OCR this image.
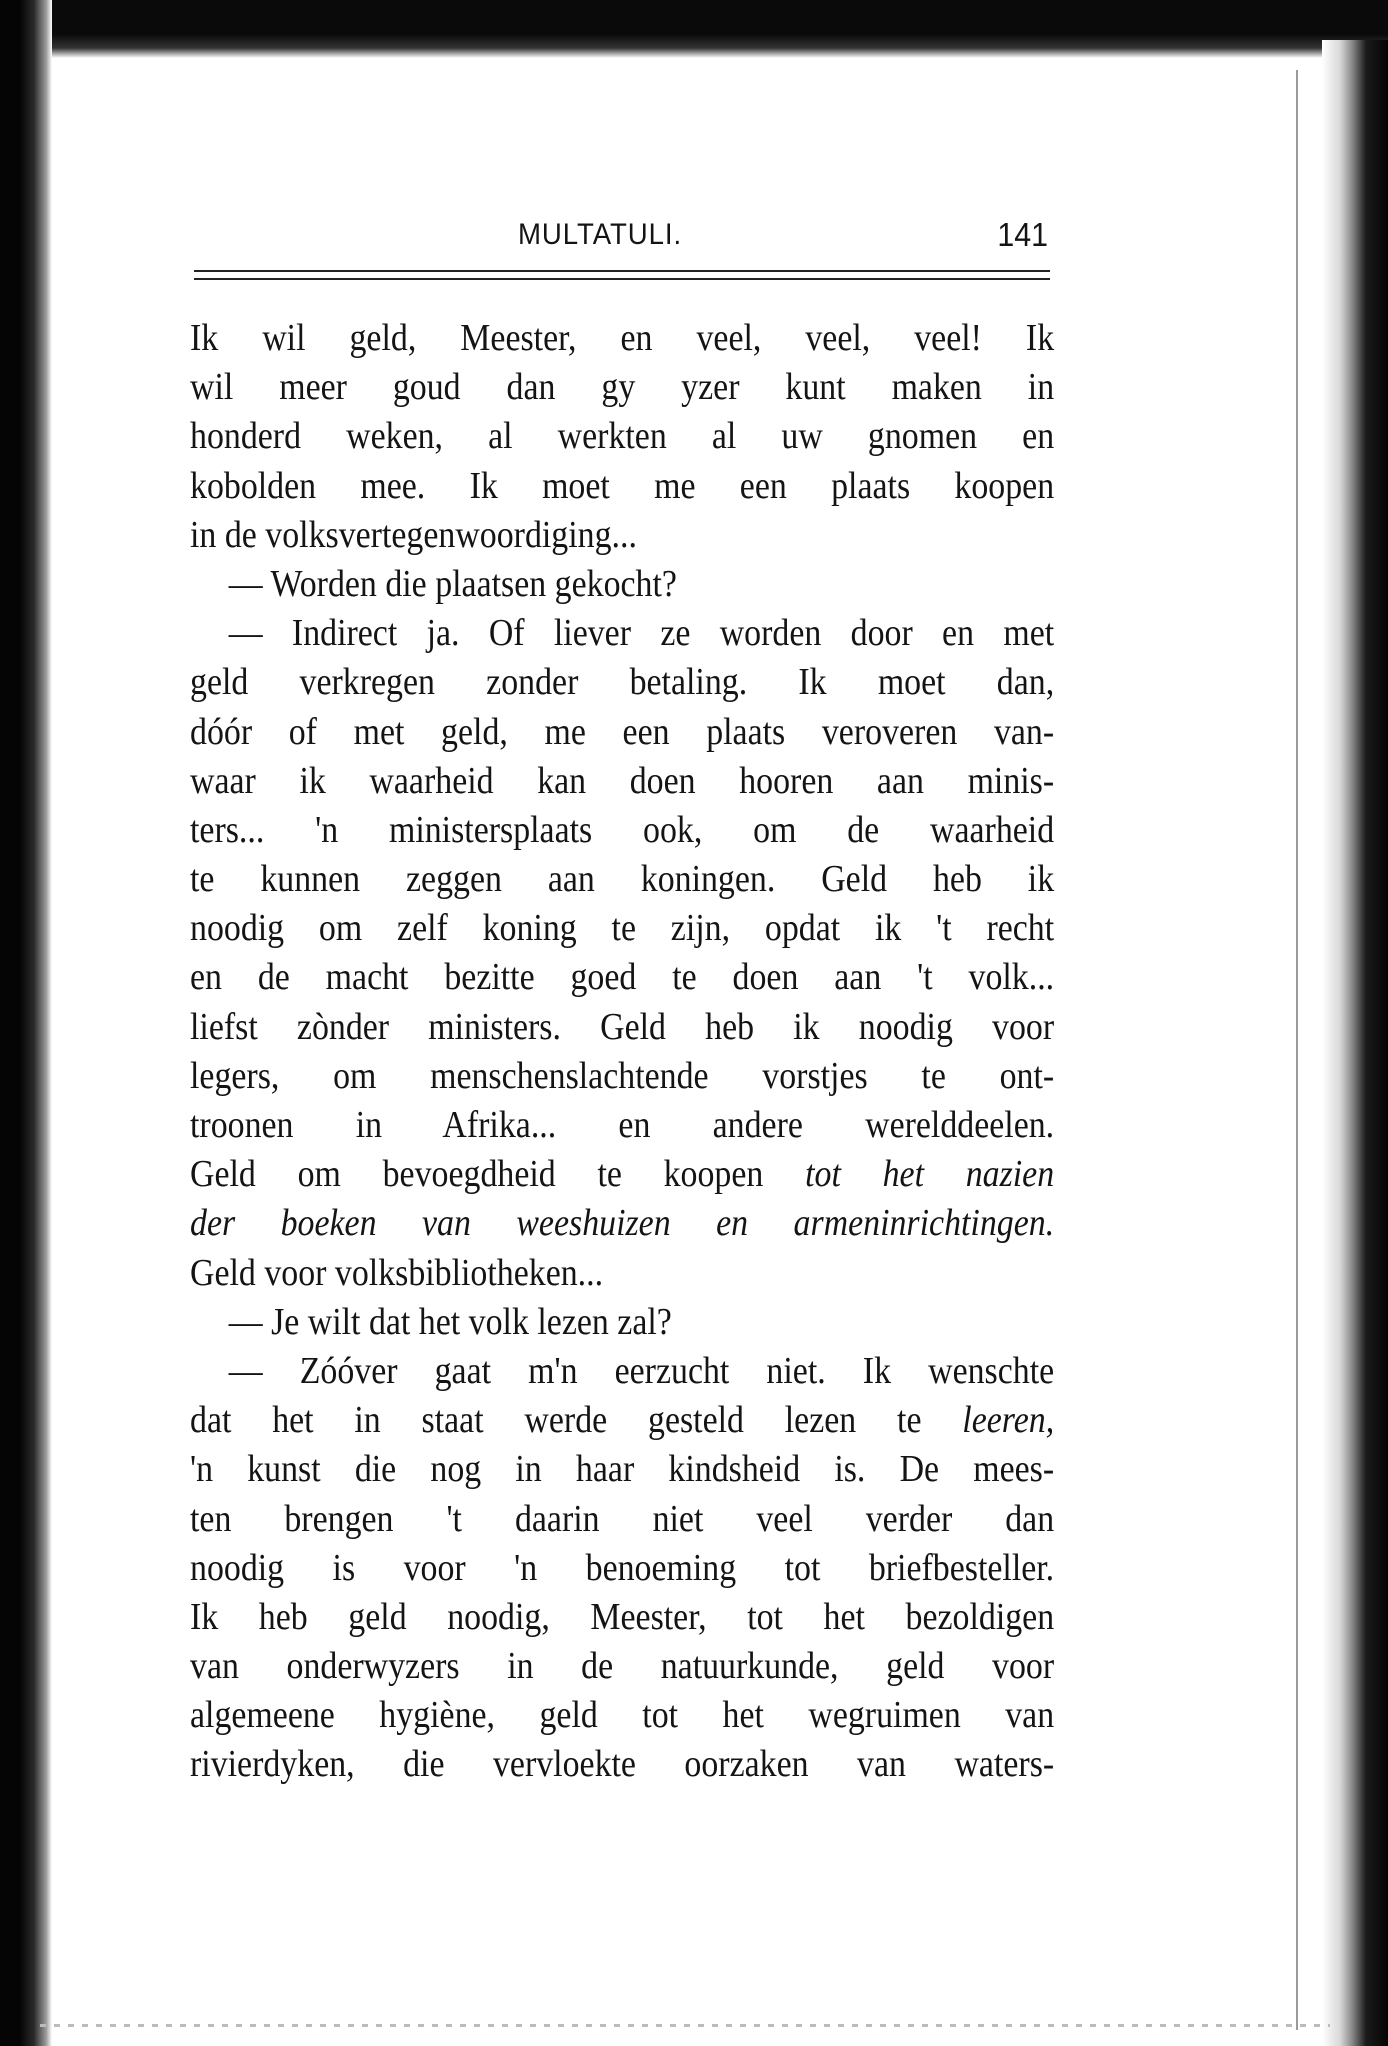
MULTATULI.	141
Ik wil geld, Meester, en veel, veel, veel! Ik
wil meer goud dan gy yzer kunt maken in
honderd weken, al werkten al uw gnomen en
kobolden mee. Ik moet me een plaats koopen
in de volksvertegenwoordiging...
— Worden die plaatsen gekocht?
— Indirect ja. Of liever ze worden door en met
geld verkregen zonder betaling. Ik moet dan,
dóór of met geld, me een plaats veroveren van-
waar ik waarheid kan doen hooren aan minis-
ters... 'n ministersplaats ook, om de waarheid
te kunnen zeggen aan koningen. Geld heb ik
noodig om zelf koning te zijn, opdat ik 't recht
en de macht bezitte goed te doen aan 't volk...
liefst zònder ministers. Geld heb ik noodig voor
legers, om menschenslachtende vorstjes te ont-
troonen in Afrika... en andere werelddeelen.
Geld om bevoegdheid te koopen tot het nazien
der boeken van weeshuizen en armeninrichtingen.
Geld voor volksbibliotheken...
— Je wilt dat het volk lezen zal?
— Zóóver gaat m'n eerzucht niet. Ik wenschte
dat het in staat werde gesteld lezen te leeren,
'n kunst die nog in haar kindsheid is. De mees-
ten brengen 't daarin niet veel verder dan
noodig is voor 'n benoeming tot briefbesteller.
Ik heb geld noodig, Meester, tot het bezoldigen
van onderwyzers in de natuurkunde, geld voor
algemeene hygiène, geld tot het wegruimen van
rivierdyken, die vervloekte oorzaken van waters-
